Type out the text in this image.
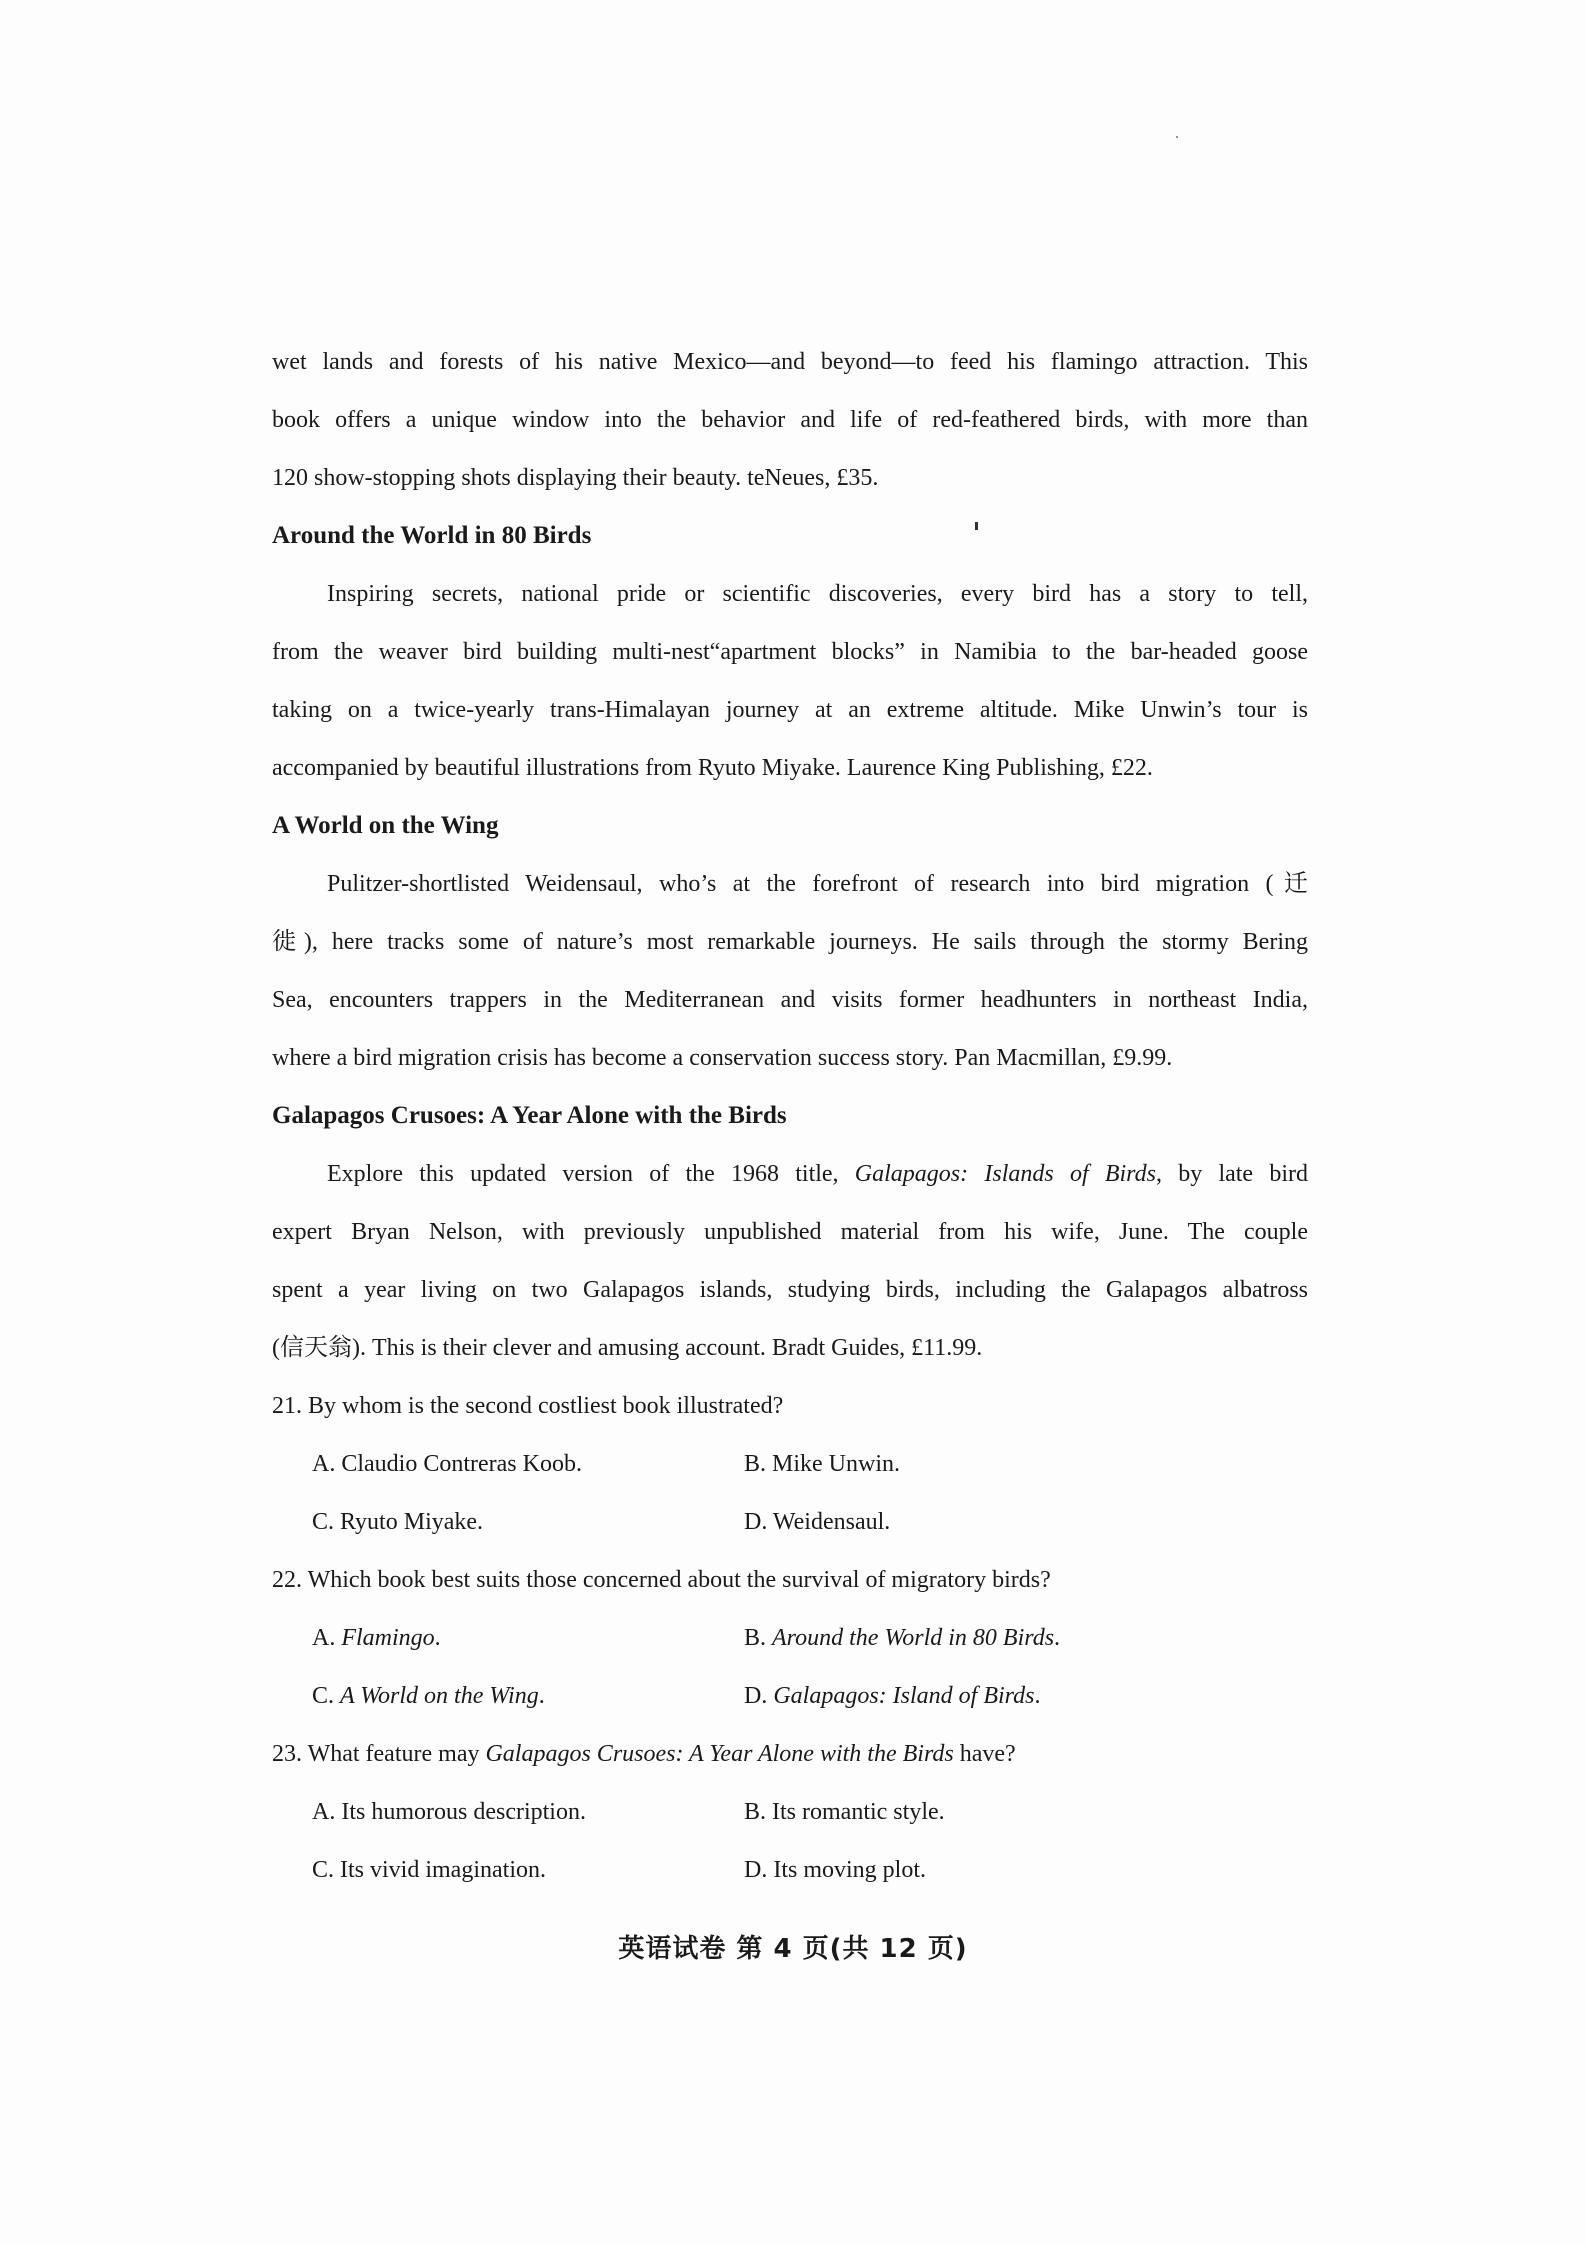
wet lands and forests of his native Mexico—and beyond—to feed his flamingo attraction. This
book offers a unique window into the behavior and life of red-feathered birds, with more than
120 show-stopping shots displaying their beauty. teNeues, £35.
Around the World in 80 Birds
Inspiring secrets, national pride or scientific discoveries, every bird has a story to tell,
from the weaver bird building multi-nest“apartment blocks” in Namibia to the bar-headed goose
taking on a twice-yearly trans-Himalayan journey at an extreme altitude. Mike Unwin’s tour is
accompanied by beautiful illustrations from Ryuto Miyake. Laurence King Publishing, £22.
A World on the Wing
Pulitzer-shortlisted Weidensaul, who’s at the forefront of research into bird migration (迁
徙), here tracks some of nature’s most remarkable journeys. He sails through the stormy Bering
Sea, encounters trappers in the Mediterranean and visits former headhunters in northeast India,
where a bird migration crisis has become a conservation success story. Pan Macmillan, £9.99.
Galapagos Crusoes: A Year Alone with the Birds
Explore this updated version of the 1968 title, Galapagos: Islands of Birds, by late bird
expert Bryan Nelson, with previously unpublished material from his wife, June. The couple
spent a year living on two Galapagos islands, studying birds, including the Galapagos albatross
(信天翁). This is their clever and amusing account. Bradt Guides, £11.99.
21. By whom is the second costliest book illustrated?
A. Claudio Contreras Koob.	B. Mike Unwin.
C. Ryuto Miyake.	D. Weidensaul.
22. Which book best suits those concerned about the survival of migratory birds?
A. Flamingo.	B. Around the World in 80 Birds.
C. A World on the Wing.	D. Galapagos: Island of Birds.
23. What feature may Galapagos Crusoes: A Year Alone with the Birds have?
A. Its humorous description.	B. Its romantic style.
C. Its vivid imagination.	D. Its moving plot.
英语试卷 第 4 页(共 12 页)
